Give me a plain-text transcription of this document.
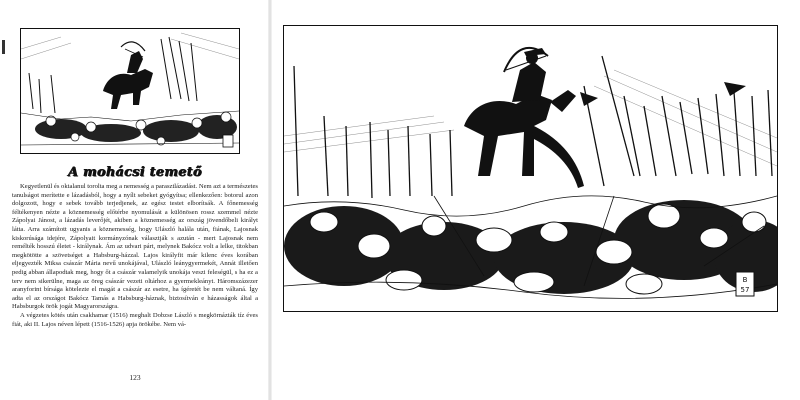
A mohácsi temető

Kegyetlenül és oktalanul torolta meg a nemesség a parasztlázadást. Nem azt a természetes tanulságot merítette e lázadásból, hogy a nyílt sebeket gyógyítsa; ellenkezően: botorul azon dolgozott, hogy e sebek tovább terjedjenek, az egész testet elborítsák. A főnemesség féltékenyen nézte a köznemesség előtérbe nyomulását a különösen rossz szemmel nézte Zápolyai Jánost, a lázadás leverőjét, akiben a köznemesség az ország jövendőbeli királyt látta. Arra számított ugyanis a köznemesség, hogy Ulászló halála után, fiának, Lajosnak kiskorúsága idejére, Zápolyait kormányzónak választják s azután - mert Lajosnak nem remélték hosszú életet - királynak. Ám az udvari párt, melynek Bakócz volt a lelke, titokban megkötötte a szövetséget a Habsburg-házzal. Lajos királyfit már kilenc éves korában eljegyezték Miksa császár Mária nevű unokájával, Ulászló leánygyermekét, Annát illetően pedig abban állapodtak meg, hogy őt a császár valamelyik unokája veszi feleségül, s ha ez a terv nem sikerülne, maga az öreg császár vezeti oltárhoz a gyermekleányt. Háromszázezer aranyforint bírsága kötelezte el magát a császár az esetre, ha ígéretét be nem váltaná. Így adta el az országot Bakócz Tamás a Habsburg-háznak, biztosítván e házasságok által a Habsburgok örök jogát Magyarországra.

A végzetes kötés után csakhamar (1516) meghalt Dobzse László s megkörnázták tíz éves fiát, aki II. Lajos néven lépett (1516-1526) apja örökébe. Nem vá-

123
B
57
